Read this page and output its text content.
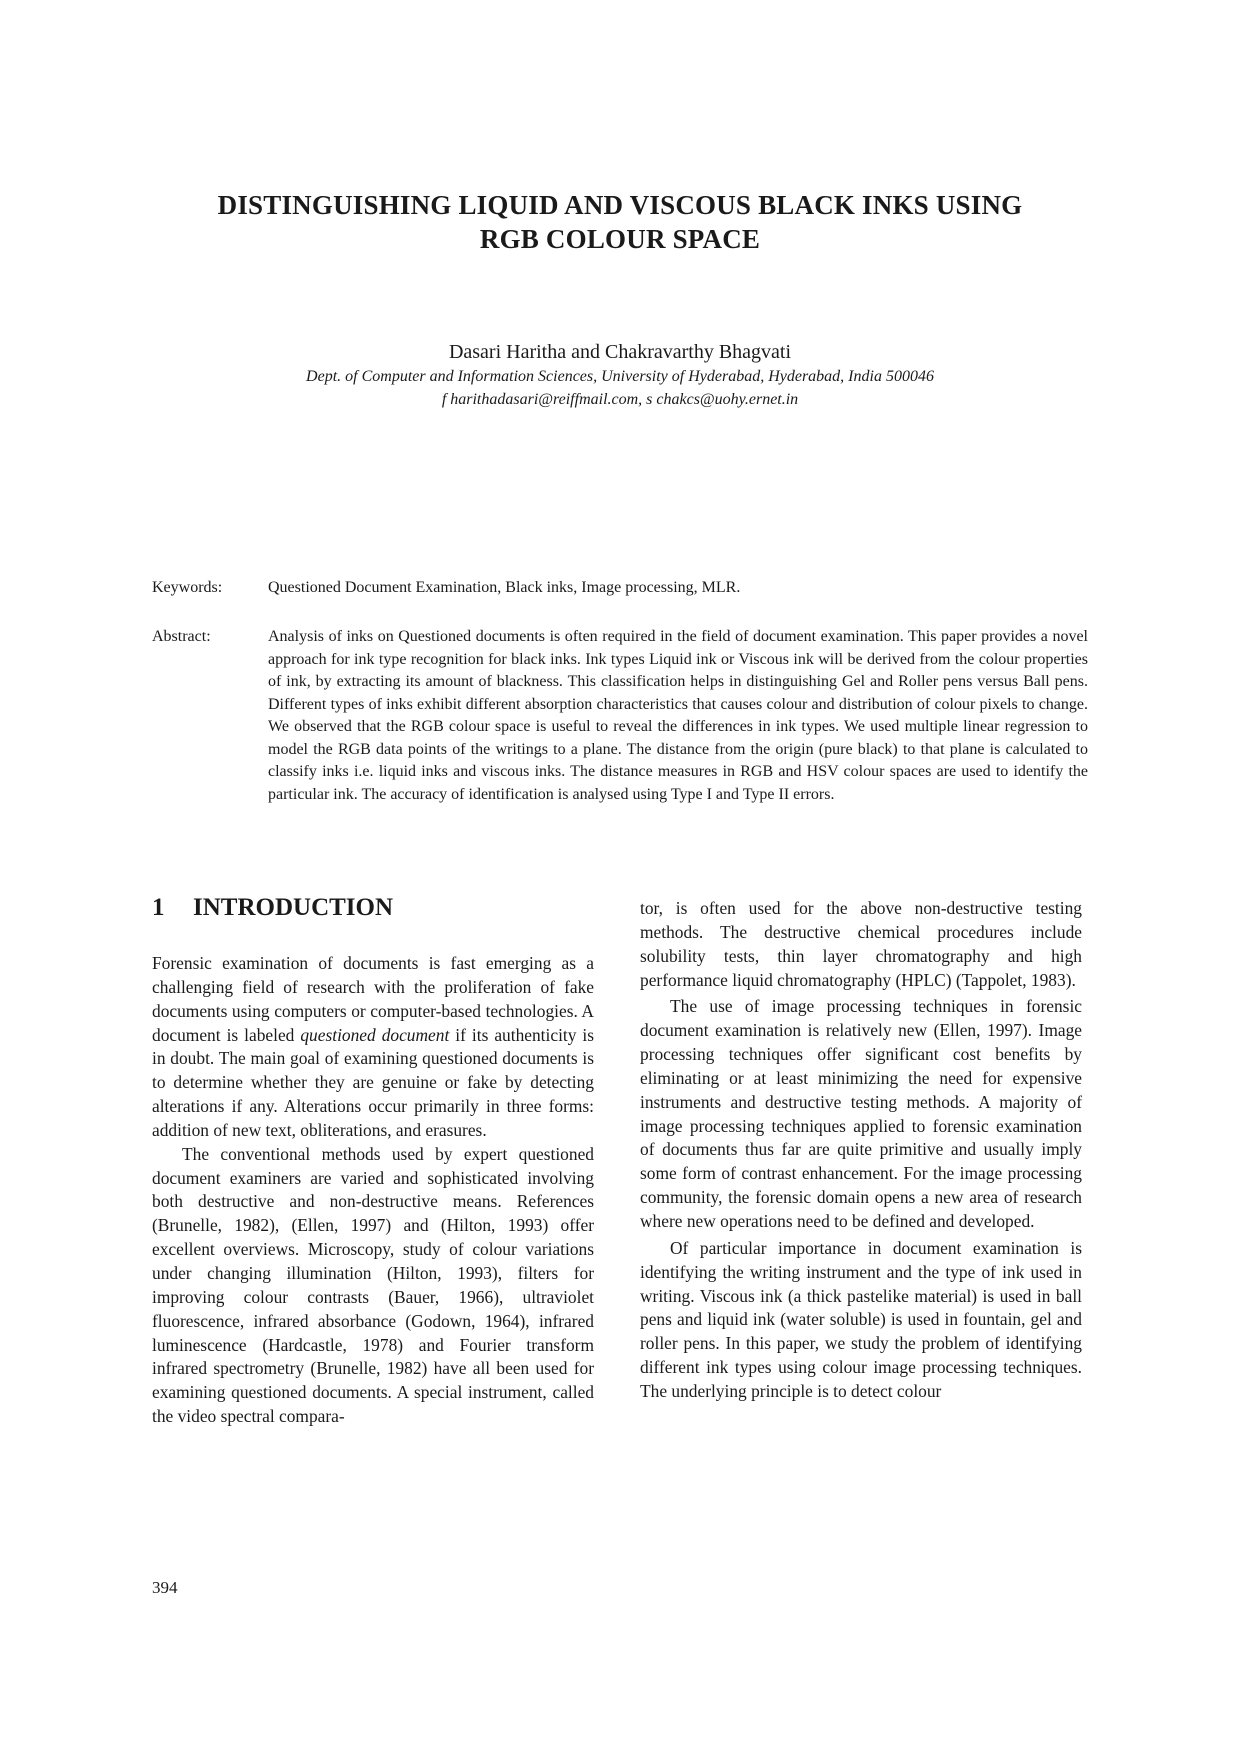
DISTINGUISHING LIQUID AND VISCOUS BLACK INKS USING
RGB COLOUR SPACE
Dasari Haritha and Chakravarthy Bhagvati
Dept. of Computer and Information Sciences, University of Hyderabad, Hyderabad, India 500046
f harithadasari@reiffmail.com, s chakcs@uohy.ernet.in
Keywords:	Questioned Document Examination, Black inks, Image processing, MLR.
Abstract:	Analysis of inks on Questioned documents is often required in the field of document examination. This paper provides a novel approach for ink type recognition for black inks. Ink types Liquid ink or Viscous ink will be derived from the colour properties of ink, by extracting its amount of blackness. This classification helps in distinguishing Gel and Roller pens versus Ball pens. Different types of inks exhibit different absorption characteristics that causes colour and distribution of colour pixels to change. We observed that the RGB colour space is useful to reveal the differences in ink types. We used multiple linear regression to model the RGB data points of the writings to a plane. The distance from the origin (pure black) to that plane is calculated to classify inks i.e. liquid inks and viscous inks. The distance measures in RGB and HSV colour spaces are used to identify the particular ink. The accuracy of identification is analysed using Type I and Type II errors.
1 INTRODUCTION

Forensic examination of documents is fast emerging as a challenging field of research with the proliferation of fake documents using computers or computer-based technologies. A document is labeled questioned document if its authenticity is in doubt. The main goal of examining questioned documents is to determine whether they are genuine or fake by detecting alterations if any. Alterations occur primarily in three forms: addition of new text, obliterations, and erasures.

The conventional methods used by expert questioned document examiners are varied and sophisticated involving both destructive and non-destructive means. References (Brunelle, 1982), (Ellen, 1997) and (Hilton, 1993) offer excellent overviews. Microscopy, study of colour variations under changing illumination (Hilton, 1993), filters for improving colour contrasts (Bauer, 1966), ultraviolet fluorescence, infrared absorbance (Godown, 1964), infrared luminescence (Hardcastle, 1978) and Fourier transform infrared spectrometry (Brunelle, 1982) have all been used for examining questioned documents. A special instrument, called the video spectral compara-

tor, is often used for the above non-destructive testing methods. The destructive chemical procedures include solubility tests, thin layer chromatography and high performance liquid chromatography (HPLC) (Tappolet, 1983).

The use of image processing techniques in forensic document examination is relatively new (Ellen, 1997). Image processing techniques offer significant cost benefits by eliminating or at least minimizing the need for expensive instruments and destructive testing methods. A majority of image processing techniques applied to forensic examination of documents thus far are quite primitive and usually imply some form of contrast enhancement. For the image processing community, the forensic domain opens a new area of research where new operations need to be defined and developed.

Of particular importance in document examination is identifying the writing instrument and the type of ink used in writing. Viscous ink (a thick pastelike material) is used in ball pens and liquid ink (water soluble) is used in fountain, gel and roller pens. In this paper, we study the problem of identifying different ink types using colour image processing techniques. The underlying principle is to detect colour

394
